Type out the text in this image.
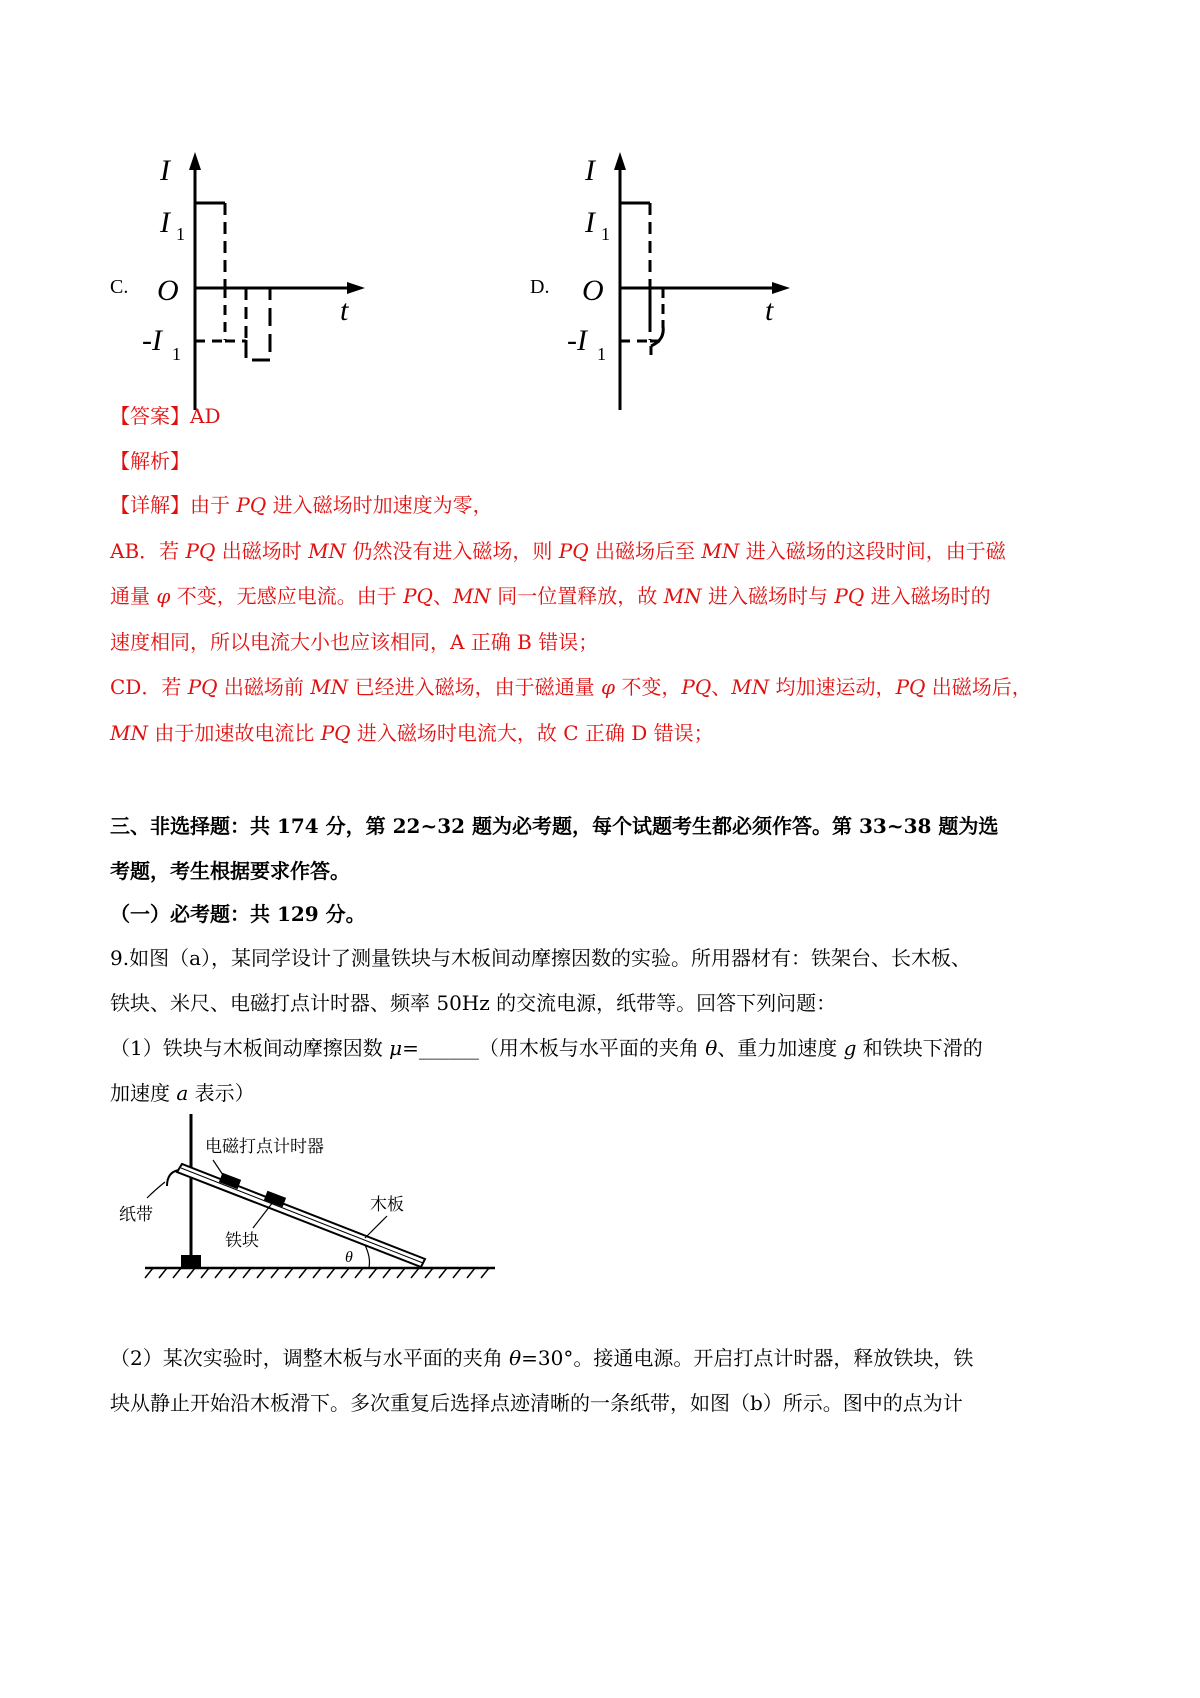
C.
I
t
O
I 1
-I 1
D.
I
t
O
I 1
-I 1
【答案】AD
【解析】
【详解】由于 PQ 进入磁场时加速度为零，
AB．若 PQ 出磁场时 MN 仍然没有进入磁场，则 PQ 出磁场后至 MN 进入磁场的这段时间，由于磁
通量 φ 不变，无感应电流。由于 PQ、MN 同一位置释放，故 MN 进入磁场时与 PQ 进入磁场时的
速度相同，所以电流大小也应该相同，A 正确 B 错误；
CD．若 PQ 出磁场前 MN 已经进入磁场，由于磁通量 φ 不变，PQ、MN 均加速运动，PQ 出磁场后，
MN 由于加速故电流比 PQ 进入磁场时电流大，故 C 正确 D 错误；
三、非选择题：共 174 分，第 22~32 题为必考题，每个试题考生都必须作答。第 33~38 题为选
考题，考生根据要求作答。
（一）必考题：共 129 分。
9.如图（a），某同学设计了测量铁块与木板间动摩擦因数的实验。所用器材有：铁架台、长木板、
铁块、米尺、电磁打点计时器、频率 50Hz 的交流电源，纸带等。回答下列问题：
（1）铁块与木板间动摩擦因数 μ=______（用木板与水平面的夹角 θ、重力加速度 g 和铁块下滑的
加速度 a 表示）
电磁打点计时器
纸带	木板
铁块
θ
（2）某次实验时，调整木板与水平面的夹角 θ=30°。接通电源。开启打点计时器，释放铁块，铁
块从静止开始沿木板滑下。多次重复后选择点迹清晰的一条纸带，如图（b）所示。图中的点为计
